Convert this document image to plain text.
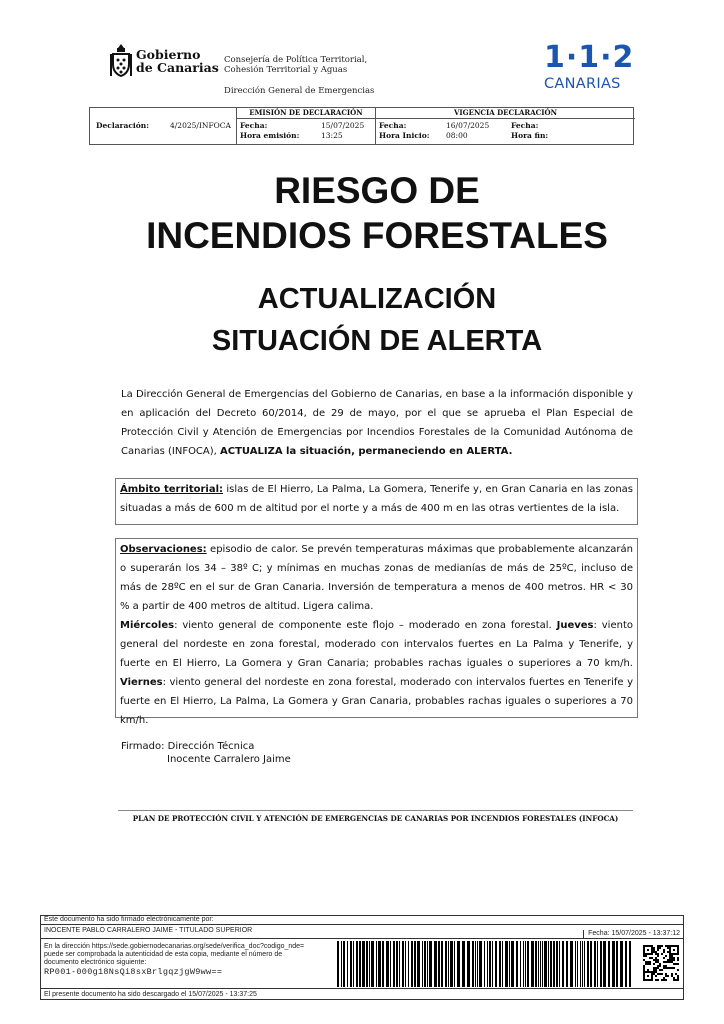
Gobierno
de Canarias Consejería de Política Territorial,
Cohesión Territorial y Aguas
Dirección General de Emergencias
1·1·2
CANARIAS
Declaración:	4/2025/INFOCA
EMISIÓN DE DECLARACIÓN
Fecha:	15/07/2025
Hora emisión:	13:25
VIGENCIA DECLARACIÓN
Fecha:	16/07/2025
Hora Inicio: 08:00
Fecha:
Hora fin:
RIESGO DE
INCENDIOS FORESTALES
ACTUALIZACIÓN
SITUACIÓN DE ALERTA
La Dirección General de Emergencias del Gobierno de Canarias, en base a la información disponible y en aplicación del Decreto 60/2014, de 29 de mayo, por el que se aprueba el Plan Especial de Protección Civil y Atención de Emergencias por Incendios Forestales de la Comunidad Autónoma de Canarias (INFOCA), ACTUALIZA la situación, permaneciendo en ALERTA.

Ámbito territorial: islas de El Hierro, La Palma, La Gomera, Tenerife y, en Gran Canaria en las zonas situadas a más de 600 m de altitud por el norte y a más de 400 m en las otras vertientes de la isla.

Observaciones: episodio de calor. Se prevén temperaturas máximas que probablemente alcanzarán o superarán los 34 – 38º C; y mínimas en muchas zonas de medianías de más de 25ºC, incluso de más de 28ºC en el sur de Gran Canaria. Inversión de temperatura a menos de 400 metros. HR < 30 % a partir de 400 metros de altitud. Ligera calima.

Miércoles: viento general de componente este flojo – moderado en zona forestal. Jueves: viento general del nordeste en zona forestal, moderado con intervalos fuertes en La Palma y Tenerife, y fuerte en El Hierro, La Gomera y Gran Canaria; probables rachas iguales o superiores a 70 km/h. Viernes: viento general del nordeste en zona forestal, moderado con intervalos fuertes en Tenerife y fuerte en El Hierro, La Palma, La Gomera y Gran Canaria, probables rachas iguales o superiores a 70 km/h.

Firmado: Dirección Técnica
Inocente Carralero Jaime
PLAN DE PROTECCIÓN CIVIL Y ATENCIÓN DE EMERGENCIAS DE CANARIAS POR INCENDIOS FORESTALES (INFOCA)
Este documento ha sido firmado electrónicamente por:
INOCENTE PABLO CARRALERO JAIME - TITULADO SUPERIOR	Fecha: 15/07/2025 - 13:37:12
En la dirección https://sede.gobiernodecanarias.org/sede/verifica_doc?codigo_nde=
puede ser comprobada la autenticidad de esta copia, mediante el número de
documento electrónico siguiente:
RP001-000g18NsQi8sxBrlgqzjgW9ww==
El presente documento ha sido descargado el 15/07/2025 - 13:37:25
